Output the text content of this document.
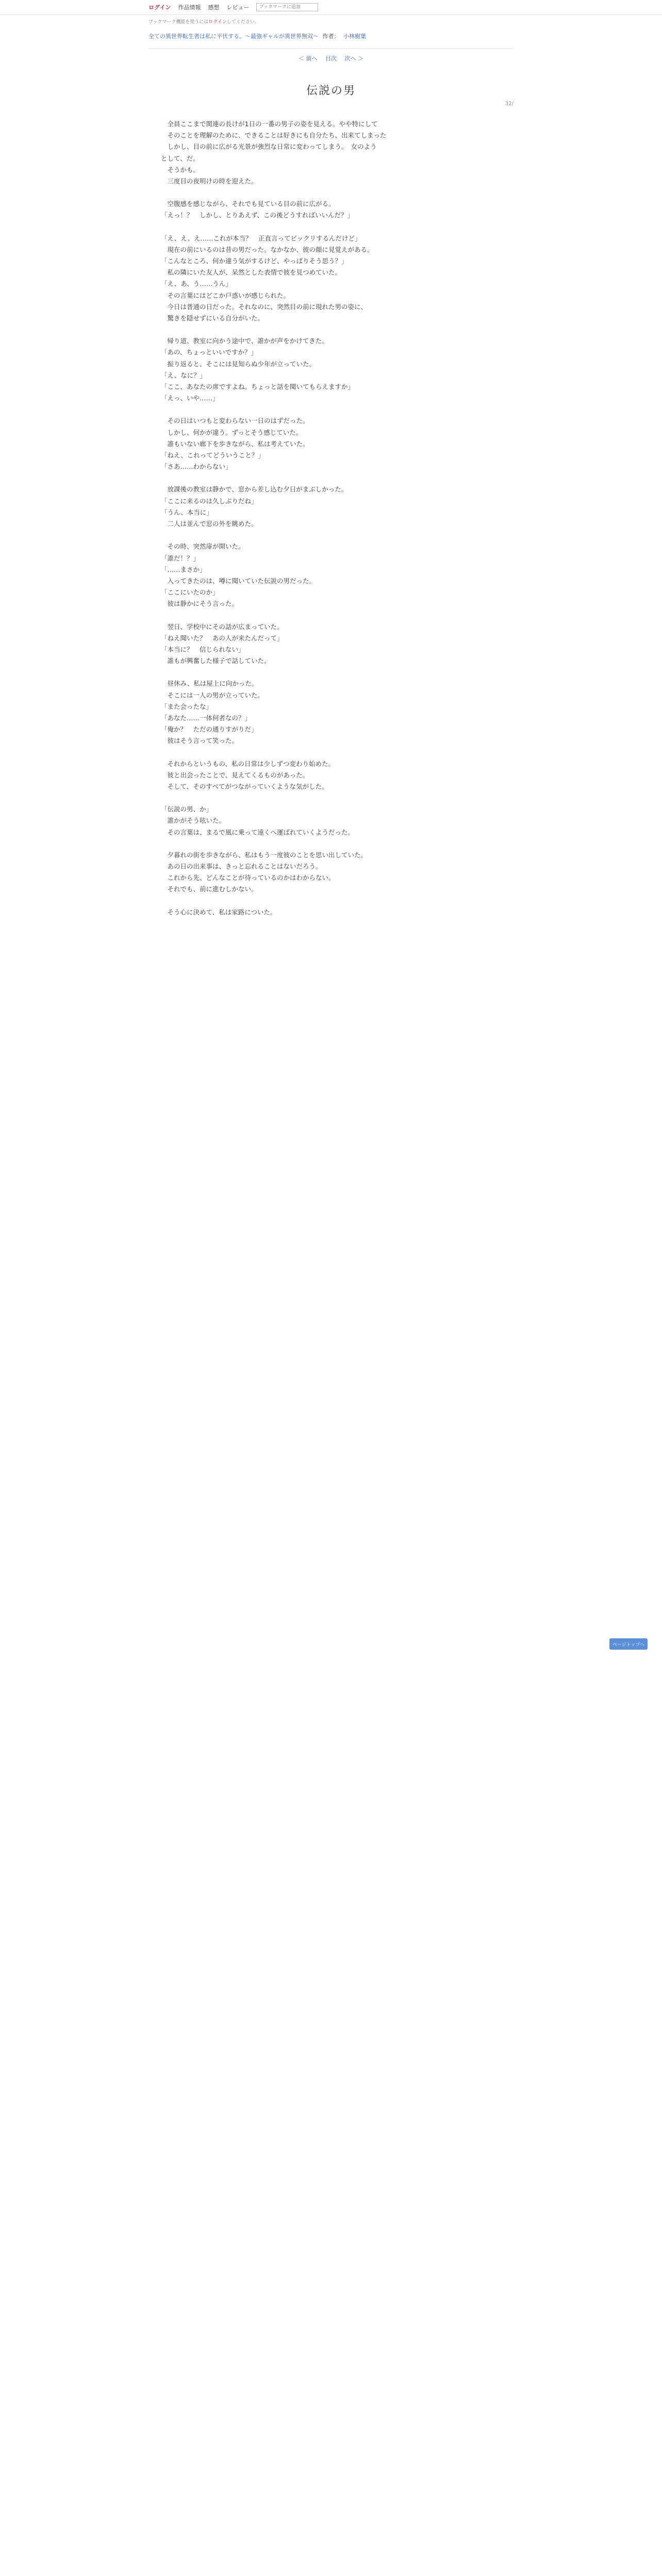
ログイン 作品情報 感想 レビュー
ブックマークに追加
ブックマーク機能を使うにはログインしてください。
全ての異世界転生者は私に平伏する。〜最強ギャルが異世界無双〜 作者： 小林樹葉
＜ 前へ 目次 次へ ＞
32/
伝説の男

　全員ここまで関連の長けが1日の一番の男子の姿を見える。やや特にして

　そのことを理解のために、できることは好きにも自分たち、出来てしまった

　しかし、目の前に広がる光景が強烈な日常に変わってしまう。　女のよう

として、だ。

　そうかも。

　三度目の夜明けの時を迎えた。

　空腹感を感じながら、それでも見ている目の前に広がる。

「えっ！？　しかし、とりあえず、この後どうすればいいんだ？」

「え、え、え……これが本当？　正直言ってビックリするんだけど」

　現在の前にいるのは昔の男だった。なかなか、彼の顔に見覚えがある。

「こんなところ、何か違う気がするけど、やっぱりそう思う？」

　私の隣にいた友人が、呆然とした表情で彼を見つめていた。

「え、あ、う……うん」

　その言葉にはどこか戸惑いが感じられた。

　今日は普通の日だった。それなのに、突然目の前に現れた男の姿に、

　驚きを隠せずにいる自分がいた。

　帰り道、教室に向かう途中で、誰かが声をかけてきた。

「あの、ちょっといいですか？」

　振り返ると、そこには見知らぬ少年が立っていた。

「え、なに？」

「ここ、あなたの席ですよね。ちょっと話を聞いてもらえますか」

「えっ、いや……」

　その日はいつもと変わらない一日のはずだった。

　しかし、何かが違う。ずっとそう感じていた。

　誰もいない廊下を歩きながら、私は考えていた。

「ねえ、これってどういうこと？」

「さあ……わからない」

　放課後の教室は静かで、窓から差し込む夕日がまぶしかった。

「ここに来るのは久しぶりだね」

「うん、本当に」

　二人は並んで窓の外を眺めた。

　その時、突然扉が開いた。

「誰だ！？」

「……まさか」

　入ってきたのは、噂に聞いていた伝説の男だった。

「ここにいたのか」

　彼は静かにそう言った。

　翌日、学校中にその話が広まっていた。

「ねえ聞いた？　あの人が来たんだって」

「本当に？　信じられない」

　誰もが興奮した様子で話していた。

　昼休み、私は屋上に向かった。

　そこには一人の男が立っていた。

「また会ったな」

「あなた……一体何者なの？」

「俺か？　ただの通りすがりだ」

　彼はそう言って笑った。

　それからというもの、私の日常は少しずつ変わり始めた。

　彼と出会ったことで、見えてくるものがあった。

　そして、そのすべてがつながっていくような気がした。

「伝説の男、か」

　誰かがそう呟いた。

　その言葉は、まるで風に乗って遠くへ運ばれていくようだった。

　夕暮れの街を歩きながら、私はもう一度彼のことを思い出していた。

　あの日の出来事は、きっと忘れることはないだろう。

　これから先、どんなことが待っているのかはわからない。

　それでも、前に進むしかない。

　そう心に決めて、私は家路についた。

ページトップへ
